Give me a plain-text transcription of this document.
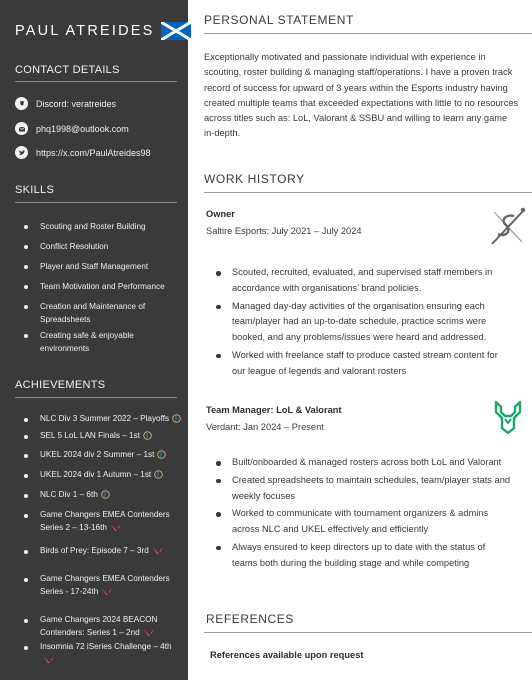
PAUL ATREIDES
CONTACT DETAILS
Discord: veratreides
phq1998@outlook.com
https://x.com/PaulAtreides98
SKILLS
Scouting and Roster Building
Conflict Resolution
Player and Staff Management
Team Motivation and Performance
Creation and Maintenance of Spreadsheets
Creating safe & enjoyable environments
ACHIEVEMENTS
NLC Div 3 Summer 2022 – Playoffs
SEL 5 LoL LAN Finals – 1st
UKEL 2024 div 2 Summer – 1st
UKEL 2024 div 1 Autumn – 1st
NLC Div 1 – 6th
Game Changers EMEA Contenders Series 2 – 13-16th
Birds of Prey: Episode 7 – 3rd
Game Changers EMEA Contenders Series - 17-24th
Game Changers 2024 BEACON Contenders: Series 1 – 2nd
Insomnia 72 iSeries Challenge – 4th
PERSONAL STATEMENT

Exceptionally motivated and passionate individual with experience in scouting, roster building & managing staff/operations. I have a proven track record of success for upward of 3 years within the Esports industry having created multiple teams that exceeded expectations with little to no resources across titles such as: LoL, Valorant & SSBU and willing to learn any game in-depth.

WORK HISTORY
Owner
Saltire Esports: July 2021 – July 2024
Scouted, recruited, evaluated, and supervised staff members in accordance with organisations’ brand policies.
Managed day-day activities of the organisation ensuring each team/player had an up-to-date schedule, practice scrims were booked, and any problems/issues were heard and addressed.
Worked with freelance staff to produce casted stream content for our league of legends and valorant rosters
Team Manager: LoL & Valorant
Verdant: Jan 2024 – Present
Built/onboarded & managed rosters across both LoL and Valorant
Created spreadsheets to maintain schedules, team/player stats and weekly focuses
Worked to communicate with tournament organizers & admins across NLC and UKEL effectively and efficiently
Always ensured to keep directors up to date with the status of teams both during the building stage and while competing
REFERENCES
References available upon request
